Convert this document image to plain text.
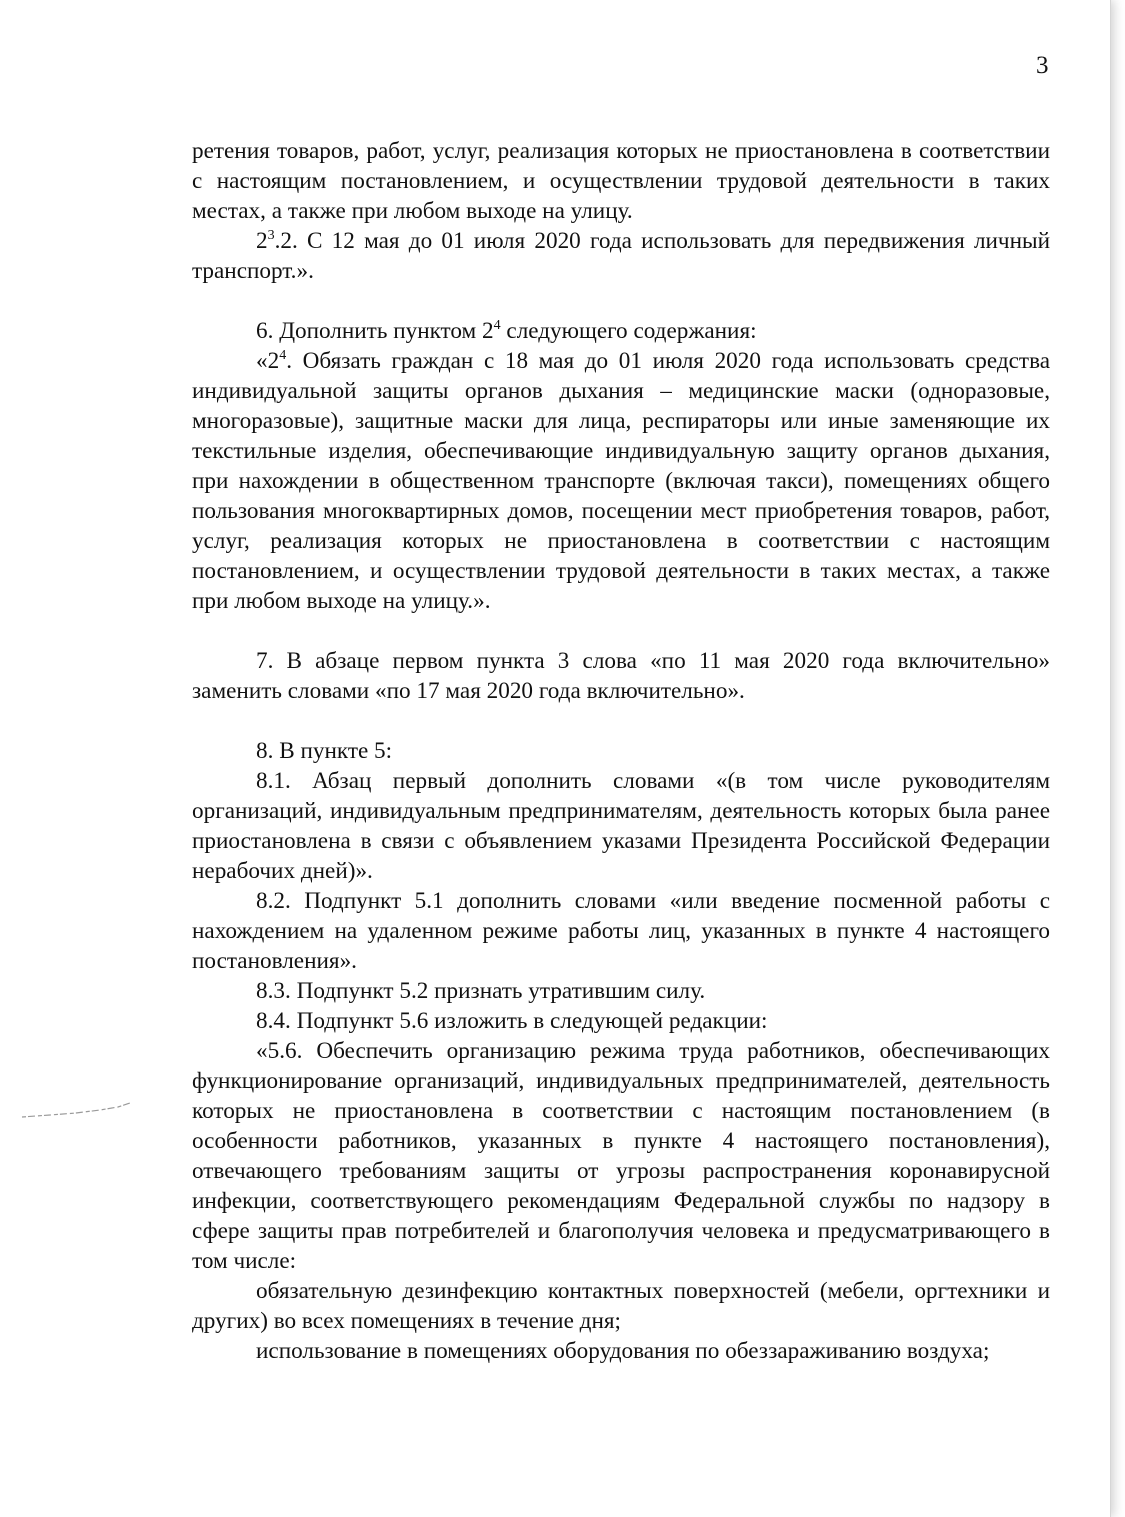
3

ретения товаров, работ, услуг, реализация которых не приостановлена в соответствии с настоящим постановлением, и осуществлении трудовой деятельности в таких местах, а также при любом выходе на улицу.

$2^3.2$. С 12 мая до 01 июля 2020 года использовать для передвижения личный транспорт.».

6. Дополнить пунктом $2^4$ следующего содержания:

«$2^4$. Обязать граждан с 18 мая до 01 июля 2020 года использовать средства индивидуальной защиты органов дыхания – медицинские маски (одноразовые, многоразовые), защитные маски для лица, респираторы или иные заменяющие их текстильные изделия, обеспечивающие индивидуальную защиту органов дыхания, при нахождении в общественном транспорте (включая такси), помещениях общего пользования многоквартирных домов, посещении мест приобретения товаров, работ, услуг, реализация которых не приостановлена в соответствии с настоящим постановлением, и осуществлении трудовой деятельности в таких местах, а также при любом выходе на улицу.».

7. В абзаце первом пункта 3 слова «по 11 мая 2020 года включительно» заменить словами «по 17 мая 2020 года включительно».

8. В пункте 5:

8.1. Абзац первый дополнить словами «(в том числе руководителям организаций, индивидуальным предпринимателям, деятельность которых была ранее приостановлена в связи с объявлением указами Президента Российской Федерации нерабочих дней)».

8.2. Подпункт 5.1 дополнить словами «или введение посменной работы с нахождением на удаленном режиме работы лиц, указанных в пункте 4 настоящего постановления».

8.3. Подпункт 5.2 признать утратившим силу.

8.4. Подпункт 5.6 изложить в следующей редакции:

«5.6. Обеспечить организацию режима труда работников, обеспечивающих функционирование организаций, индивидуальных предпринимателей, деятельность которых не приостановлена в соответствии с настоящим постановлением (в особенности работников, указанных в пункте 4 настоящего постановления), отвечающего требованиям защиты от угрозы распространения коронавирусной инфекции, соответствующего рекомендациям Федеральной службы по надзору в сфере защиты прав потребителей и благополучия человека и предусматривающего в том числе:

обязательную дезинфекцию контактных поверхностей (мебели, оргтехники и других) во всех помещениях в течение дня;

использование в помещениях оборудования по обеззараживанию воздуха;
